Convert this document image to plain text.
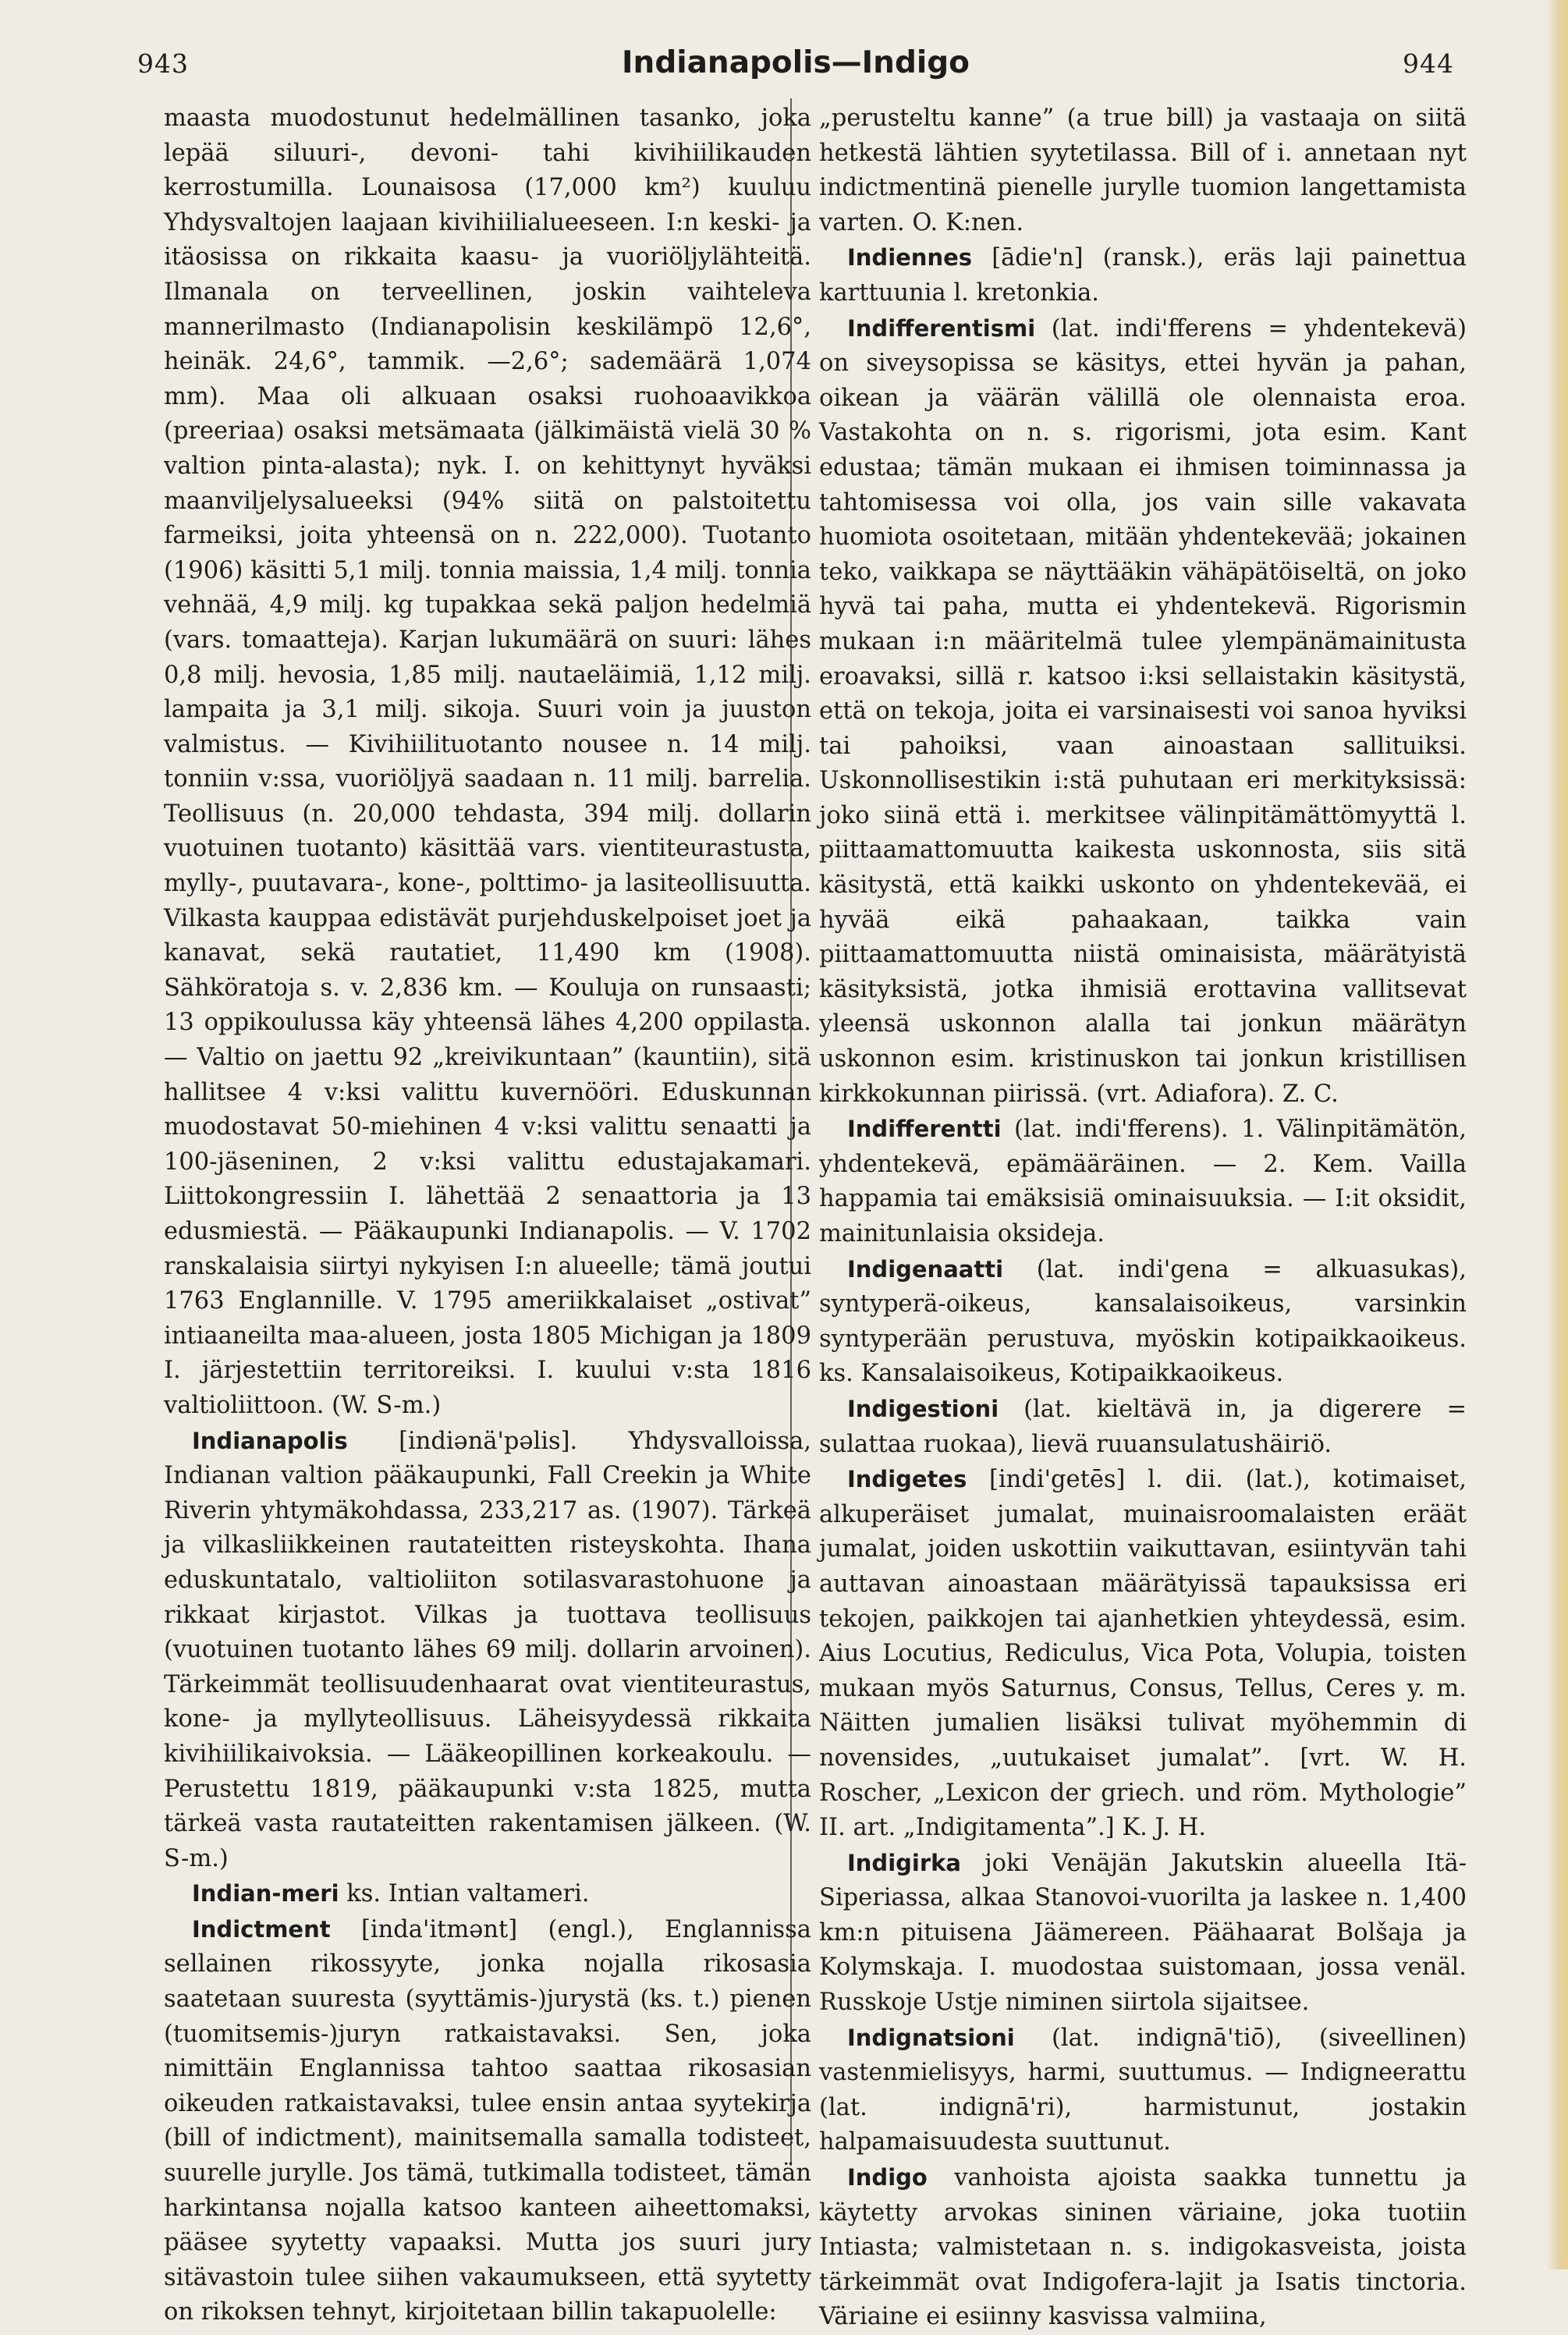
943	Indianapolis—Indigo	944

maasta muodostunut hedelmällinen tasanko, joka lepää siluuri-, devoni- tahi kivihiilikauden kerrostumilla. Lounaisosa (17,000 km²) kuuluu Yhdysvaltojen laajaan kivihiilialueeseen. I:n keski- ja itäosissa on rikkaita kaasu- ja vuoriöljylähteitä. Ilmanala on terveellinen, joskin vaihteleva mannerilmasto (Indianapolisin keskilämpö 12,6°, heinäk. 24,6°, tammik. —2,6°; sademäärä 1,074 mm). Maa oli alkuaan osaksi ruohoaavikkoa (preeriaa) osaksi metsämaata (jälkimäistä vielä 30 % valtion pinta-alasta); nyk. I. on kehittynyt hyväksi maanviljelysalueeksi (94% siitä on palstoitettu farmeiksi, joita yhteensä on n. 222,000). Tuotanto (1906) käsitti 5,1 milj. tonnia maissia, 1,4 milj. tonnia vehnää, 4,9 milj. kg tupakkaa sekä paljon hedelmiä (vars. tomaatteja). Karjan lukumäärä on suuri: lähes 0,8 milj. hevosia, 1,85 milj. nautaeläimiä, 1,12 milj. lampaita ja 3,1 milj. sikoja. Suuri voin ja juuston valmistus. — Kivihiilituotanto nousee n. 14 milj. tonniin v:ssa, vuoriöljyä saadaan n. 11 milj. barrelia. Teollisuus (n. 20,000 tehdasta, 394 milj. dollarin vuotuinen tuotanto) käsittää vars. vientiteurastusta, mylly-, puutavara-, kone-, polttimo- ja lasiteollisuutta. Vilkasta kauppaa edistävät purjehduskelpoiset joet ja kanavat, sekä rautatiet, 11,490 km (1908). Sähköratoja s. v. 2,836 km. — Kouluja on runsaasti; 13 oppikoulussa käy yhteensä lähes 4,200 oppilasta. — Valtio on jaettu 92 „kreivikuntaan” (kauntiin), sitä hallitsee 4 v:ksi valittu kuvernööri. Eduskunnan muodostavat 50-miehinen 4 v:ksi valittu senaatti ja 100-jäseninen, 2 v:ksi valittu edustajakamari. Liittokongressiin I. lähettää 2 senaattoria ja 13 edusmiestä. — Pääkaupunki Indianapolis. — V. 1702 ranskalaisia siirtyi nykyisen I:n alueelle; tämä joutui 1763 Englannille. V. 1795 ameriikkalaiset „ostivat” intiaaneilta maa-alueen, josta 1805 Michigan ja 1809 I. järjestettiin territoreiksi. I. kuului v:sta 1816 valtioliittoon. (W. S-m.)

Indianapolis [indiənä'pəlis]. Yhdysvalloissa, Indianan valtion pääkaupunki, Fall Creekin ja White Riverin yhtymäkohdassa, 233,217 as. (1907). Tärkeä ja vilkasliikkeinen rautateitten risteyskohta. Ihana eduskuntatalo, valtioliiton sotilasvarastohuone ja rikkaat kirjastot. Vilkas ja tuottava teollisuus (vuotuinen tuotanto lähes 69 milj. dollarin arvoinen). Tärkeimmät teollisuudenhaarat ovat vientiteurastus, kone- ja myllyteollisuus. Läheisyydessä rikkaita kivihiilikaivoksia. — Lääkeopillinen korkeakoulu. — Perustettu 1819, pääkaupunki v:sta 1825, mutta tärkeä vasta rautateitten rakentamisen jälkeen. (W. S-m.)

Indian-meri ks. Intian valtameri.

Indictment [inda'itmənt] (engl.), Englannissa sellainen rikossyyte, jonka nojalla rikosasia saatetaan suuresta (syyttämis-)jurystä (ks. t.) pienen (tuomitsemis-)juryn ratkaistavaksi. Sen, joka nimittäin Englannissa tahtoo saattaa rikosasian oikeuden ratkaistavaksi, tulee ensin antaa syytekirja (bill of indictment), mainitsemalla samalla todisteet, suurelle jurylle. Jos tämä, tutkimalla todisteet, tämän harkintansa nojalla katsoo kanteen aiheettomaksi, pääsee syytetty vapaaksi. Mutta jos suuri jury sitävastoin tulee siihen vakaumukseen, että syytetty on rikoksen tehnyt, kirjoitetaan billin takapuolelle:

„perusteltu kanne” (a true bill) ja vastaaja on siitä hetkestä lähtien syytetilassa. Bill of i. annetaan nyt indictmentinä pienelle jurylle tuomion langettamista varten. O. K:nen.

Indiennes [ādie'n] (ransk.), eräs laji painettua karttuunia l. kretonkia.

Indifferentismi (lat. indi'fferens = yhdentekevä) on siveysopissa se käsitys, ettei hyvän ja pahan, oikean ja väärän välillä ole olennaista eroa. Vastakohta on n. s. rigorismi, jota esim. Kant edustaa; tämän mukaan ei ihmisen toiminnassa ja tahtomisessa voi olla, jos vain sille vakavata huomiota osoitetaan, mitään yhdentekevää; jokainen teko, vaikkapa se näyttääkin vähäpätöiseltä, on joko hyvä tai paha, mutta ei yhdentekevä. Rigorismin mukaan i:n määritelmä tulee ylempänämainitusta eroavaksi, sillä r. katsoo i:ksi sellaistakin käsitystä, että on tekoja, joita ei varsinaisesti voi sanoa hyviksi tai pahoiksi, vaan ainoastaan sallituiksi. Uskonnollisestikin i:stä puhutaan eri merkityksissä: joko siinä että i. merkitsee välinpitämättömyyttä l. piittaamattomuutta kaikesta uskonnosta, siis sitä käsitystä, että kaikki uskonto on yhdentekevää, ei hyvää eikä pahaakaan, taikka vain piittaamattomuutta niistä ominaisista, määrätyistä käsityksistä, jotka ihmisiä erottavina vallitsevat yleensä uskonnon alalla tai jonkun määrätyn uskonnon esim. kristinuskon tai jonkun kristillisen kirkkokunnan piirissä. (vrt. Adiafora). Z. C.

Indifferentti (lat. indi'fferens). 1. Välinpitämätön, yhdentekevä, epämääräinen. — 2. Kem. Vailla happamia tai emäksisiä ominaisuuksia. — I:it oksidit, mainitunlaisia oksideja.

Indigenaatti (lat. indi'gena = alkuasukas), syntyperä-oikeus, kansalaisoikeus, varsinkin syntyperään perustuva, myöskin kotipaikkaoikeus. ks. Kansalaisoikeus, Kotipaikkaoikeus.

Indigestioni (lat. kieltävä in, ja digerere = sulattaa ruokaa), lievä ruuansulatushäiriö.

Indigetes [indi'getēs] l. dii. (lat.), kotimaiset, alkuperäiset jumalat, muinaisroomalaisten eräät jumalat, joiden uskottiin vaikuttavan, esiintyvän tahi auttavan ainoastaan määrätyissä tapauksissa eri tekojen, paikkojen tai ajanhetkien yhteydessä, esim. Aius Locutius, Rediculus, Vica Pota, Volupia, toisten mukaan myös Saturnus, Consus, Tellus, Ceres y. m. Näitten jumalien lisäksi tulivat myöhemmin di novensides, „uutukaiset jumalat”. [vrt. W. H. Roscher, „Lexicon der griech. und röm. Mythologie” II. art. „Indigitamenta”.] K. J. H.

Indigirka joki Venäjän Jakutskin alueella Itä-Siperiassa, alkaa Stanovoi-vuorilta ja laskee n. 1,400 km:n pituisena Jäämereen. Päähaarat Bolšaja ja Kolymskaja. I. muodostaa suistomaan, jossa venäl. Russkoje Ustje niminen siirtola sijaitsee.

Indignatsioni (lat. indignā'tiō), (siveellinen) vastenmielisyys, harmi, suuttumus. — Indigneerattu (lat. indignā'ri), harmistunut, jostakin halpamaisuudesta suuttunut.

Indigo vanhoista ajoista saakka tunnettu ja käytetty arvokas sininen väriaine, joka tuotiin Intiasta; valmistetaan n. s. indigokasveista, joista tärkeimmät ovat Indigofera-lajit ja Isatis tinctoria. Väriaine ei esiinny kasvissa valmiina,
